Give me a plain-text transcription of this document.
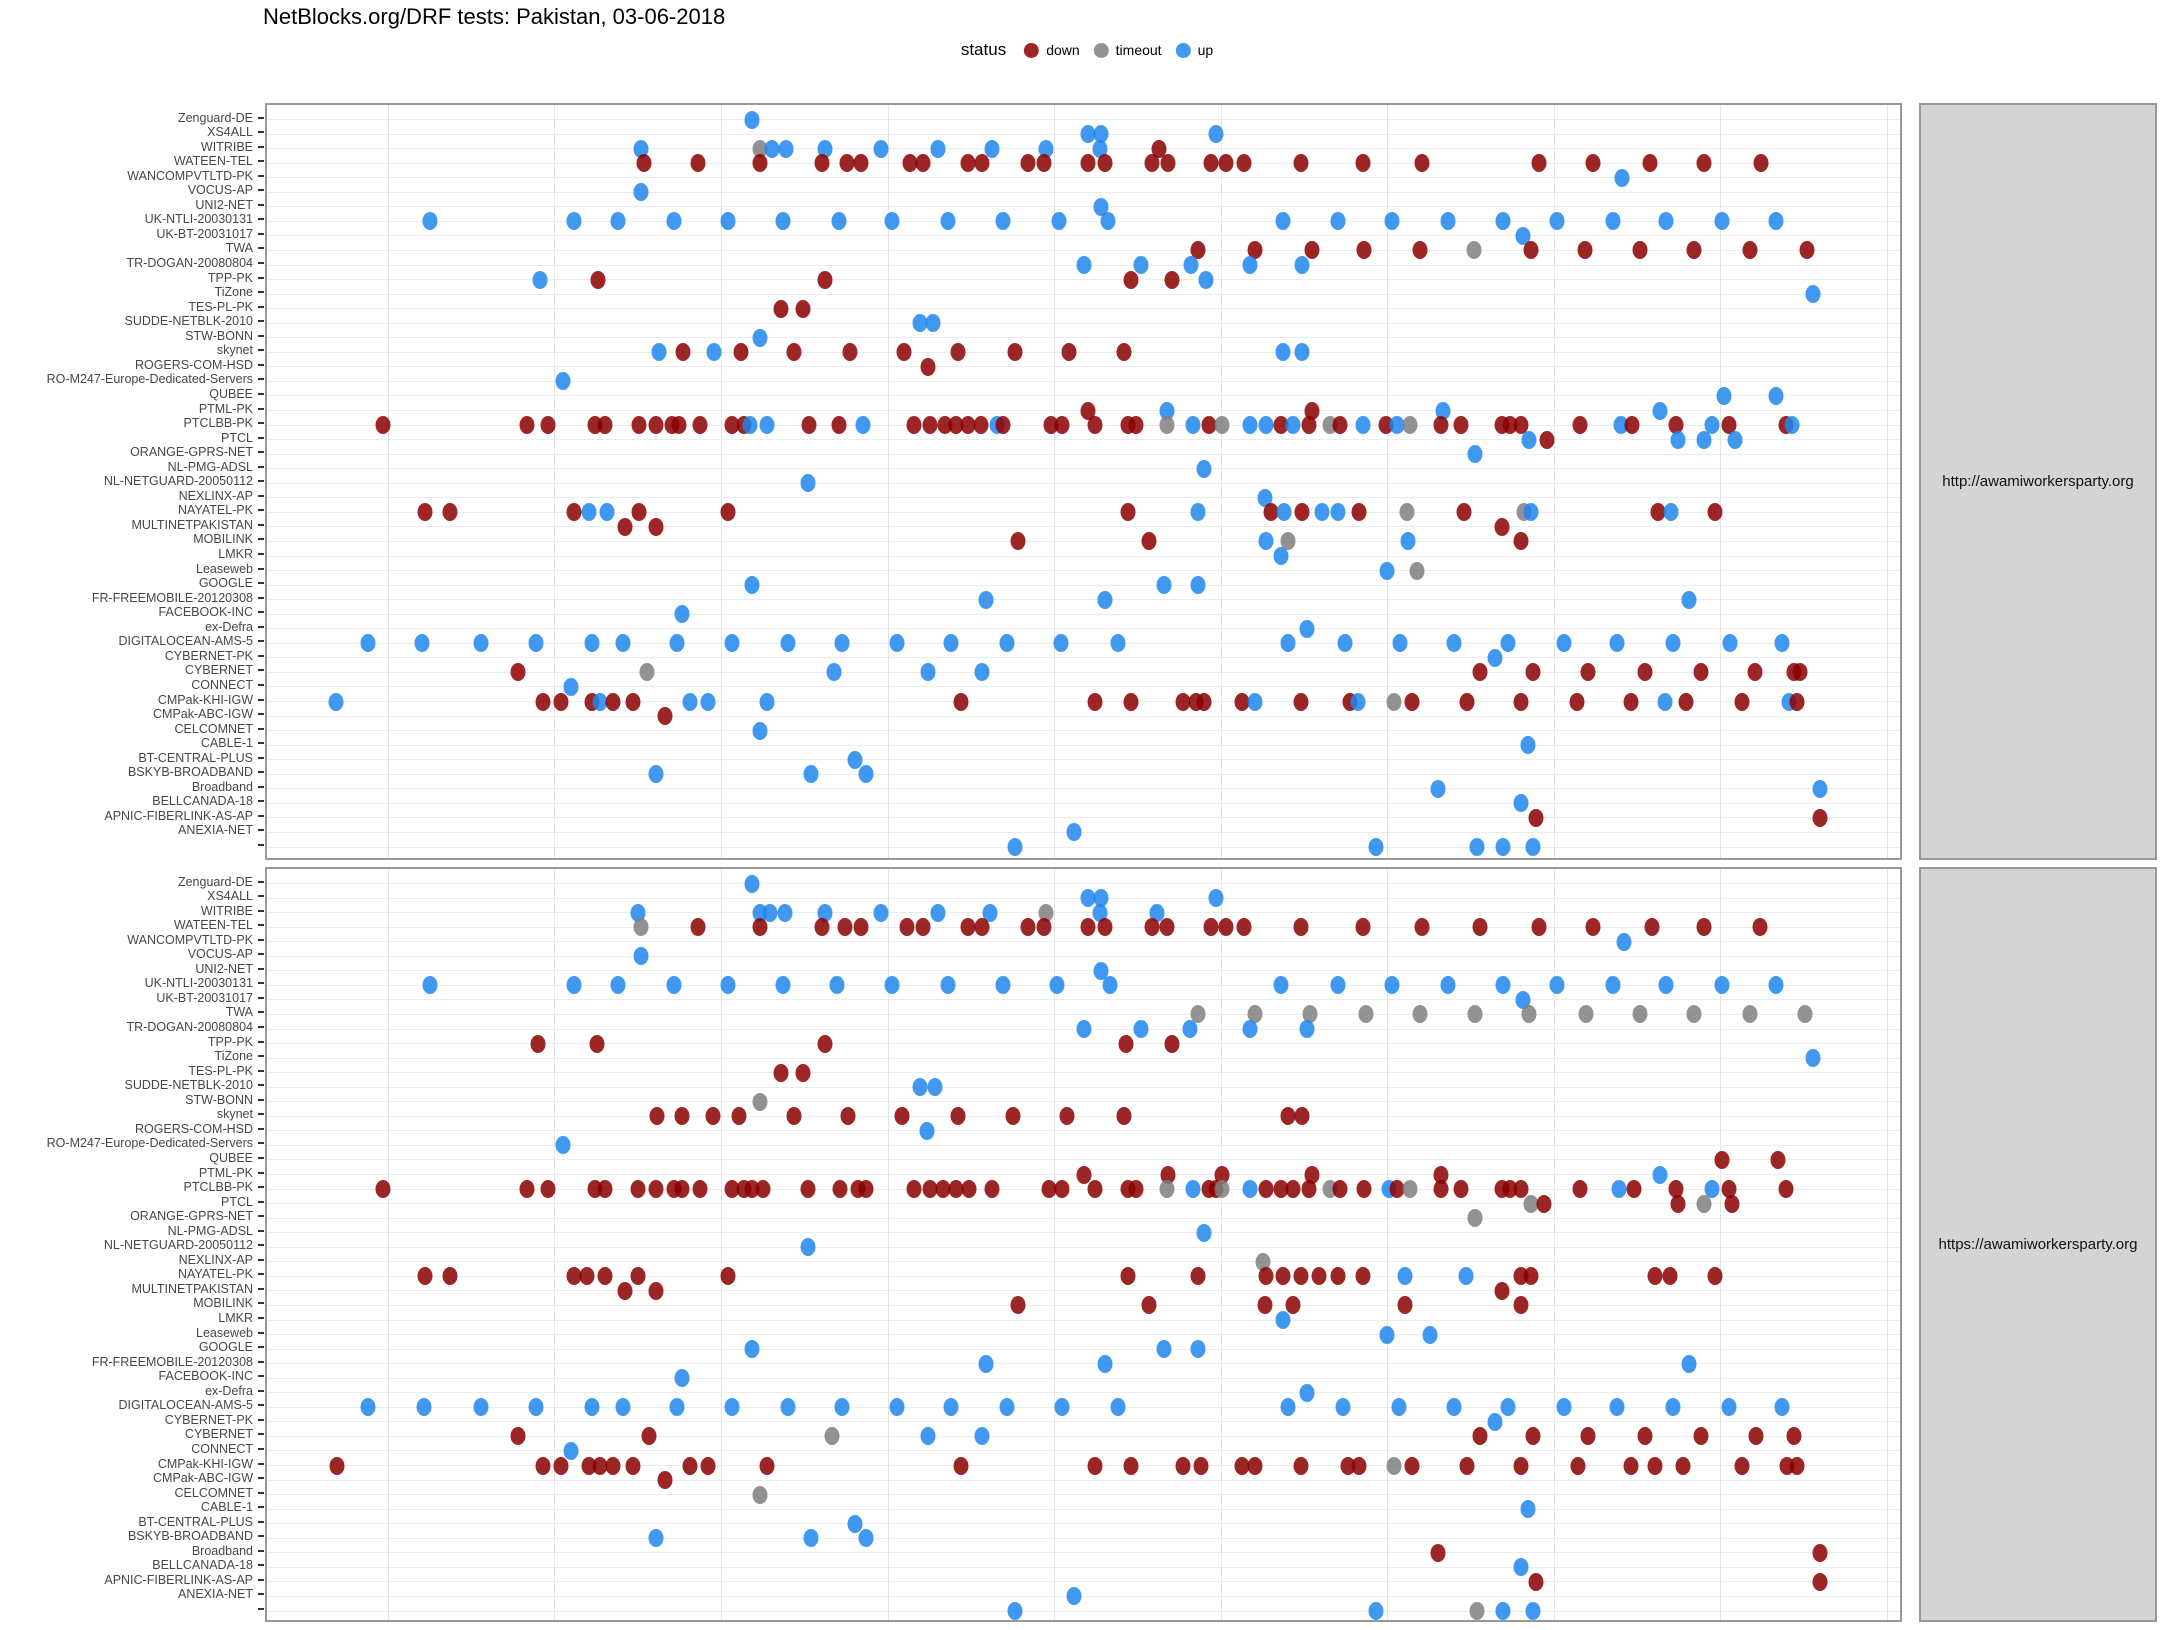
NetBlocks.org/DRF tests: Pakistan, 03-06-2018
status	down	timeout	up
Zenguard-DE
XS4ALL
WITRIBE
WATEEN-TEL
WANCOMPVTLTD-PK
VOCUS-AP
UNI2-NET
UK-NTLI-20030131
UK-BT-20031017
TWA
TR-DOGAN-20080804
TPP-PK
TiZone
TES-PL-PK
SUDDE-NETBLK-2010
STW-BONN
skynet
ROGERS-COM-HSD
RO-M247-Europe-Dedicated-Servers
QUBEE
PTML-PK
PTCLBB-PK
PTCL
ORANGE-GPRS-NET
NL-PMG-ADSL
NL-NETGUARD-20050112
NEXLINX-AP
NAYATEL-PK
MULTINETPAKISTAN
MOBILINK
LMKR
Leaseweb
GOOGLE
FR-FREEMOBILE-20120308
FACEBOOK-INC
ex-Defra
DIGITALOCEAN-AMS-5
CYBERNET-PK
CYBERNET
CONNECT
CMPak-KHI-IGW
CMPak-ABC-IGW
CELCOMNET
CABLE-1
BT-CENTRAL-PLUS
BSKYB-BROADBAND
Broadband
BELLCANADA-18
APNIC-FIBERLINK-AS-AP
ANEXIA-NET
http://awamiworkersparty.org
Zenguard-DE
XS4ALL
WITRIBE
WATEEN-TEL
WANCOMPVTLTD-PK
VOCUS-AP
UNI2-NET
UK-NTLI-20030131
UK-BT-20031017
TWA
TR-DOGAN-20080804
TPP-PK
TiZone
TES-PL-PK
SUDDE-NETBLK-2010
STW-BONN
skynet
ROGERS-COM-HSD
RO-M247-Europe-Dedicated-Servers
QUBEE
PTML-PK
PTCLBB-PK
PTCL
ORANGE-GPRS-NET
NL-PMG-ADSL
NL-NETGUARD-20050112
NEXLINX-AP
NAYATEL-PK
MULTINETPAKISTAN
MOBILINK
LMKR
Leaseweb
GOOGLE
FR-FREEMOBILE-20120308
FACEBOOK-INC
ex-Defra
DIGITALOCEAN-AMS-5
CYBERNET-PK
CYBERNET
CONNECT
CMPak-KHI-IGW
CMPak-ABC-IGW
CELCOMNET
CABLE-1
BT-CENTRAL-PLUS
BSKYB-BROADBAND
Broadband
BELLCANADA-18
APNIC-FIBERLINK-AS-AP
ANEXIA-NET
https://awamiworkersparty.org
